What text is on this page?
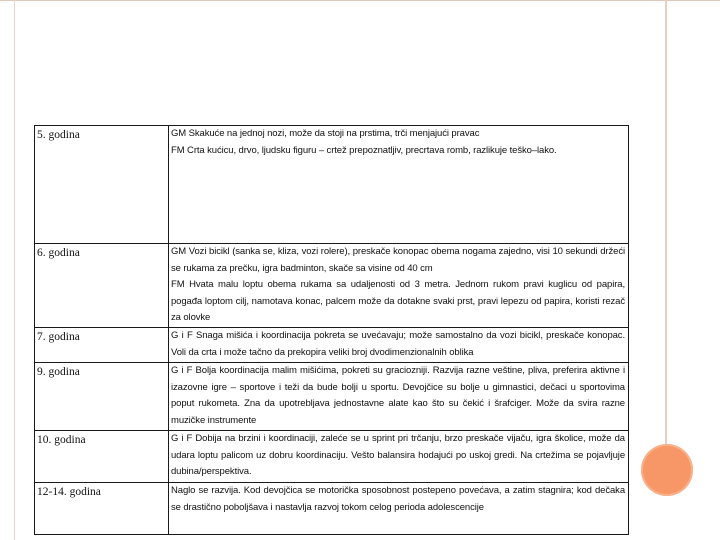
5. godina	GM Skakuće na jednoj nozi, može da stoji na prstima, trči menjajući pravac
FM Crta kućicu, drvo, ljudsku figuru – crtež prepoznatljiv, precrtava romb, razlikuje teško–lako.

6. godina	GM Vozi bicikl (sanka se, kliza, vozi rolere), preskače konopac obema nogama zajedno, visi 10 sekundi držeći se rukama za prečku, igra badminton, skače sa visine od 40 cm
FM Hvata malu loptu obema rukama sa udaljenosti od 3 metra. Jednom rukom pravi kuglicu od papira, pogađa loptom cilj, namotava konac, palcem može da dotakne svaki prst, pravi lepezu od papira, koristi rezač za olovke

7. godina	G i F Snaga mišića i koordinacija pokreta se uvećavaju; može samostalno da vozi bicikl, preskače konopac. Voli da crta i može tačno da prekopira veliki broj dvodimenzionalnih oblika

9. godina	G i F Bolja koordinacija malim mišićima, pokreti su graciozniji. Razvija razne veštine, pliva, preferira aktivne i izazovne igre – sportove i teži da bude bolji u sportu. Devojčice su bolje u gimnastici, dečaci u sportovima poput rukometa. Zna da upotrebljava jednostavne alate kao što su čekić i šrafciger. Može da svira razne muzičke instrumente

10. godina	G i F Dobija na brzini i koordinaciji, zaleće se u sprint pri trčanju, brzo preskače vijaču, igra školice, može da udara loptu palicom uz dobru koordinaciju. Vešto balansira hodajući po uskoj gredi. Na crtežima se pojavljuje dubina/perspektiva.

12-14. godina	Naglo se razvija. Kod devojčica se motorička sposobnost postepeno povećava, a zatim stagnira; kod dečaka se drastično poboljšava i nastavlja razvoj tokom celog perioda adolescencije
